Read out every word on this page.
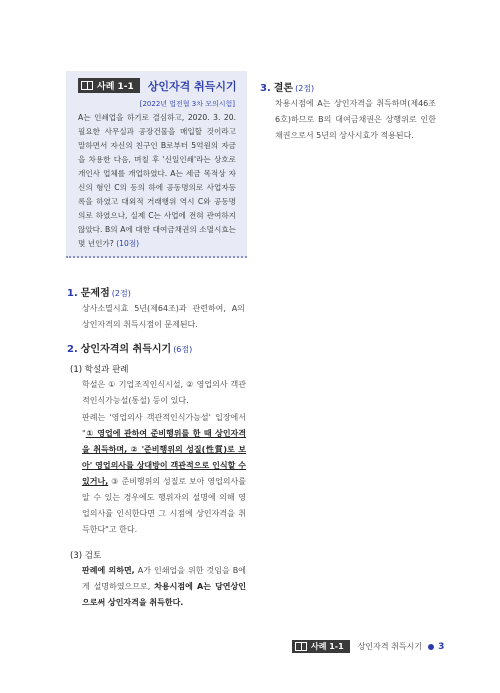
사례 1-1 상인자격 취득시기
[2022년 법전협 3차 모의시험]
A는 인쇄업을 하기로 결심하고, 2020. 3. 20. 필요한 사무실과 공장건물을 매입할 것이라고 말하면서 자신의 친구인 B로부터 5억원의 자금을 차용한 다음, 며칠 후 '신일인쇄'라는 상호로 개인사 업체를 개업하였다. A는 세금 목적상 자신의 형인 C의 동의 하에 공동명의로 사업자등록을 하였고 대외적 거래행위 역시 C와 공동명의로 하였으나, 실제 C는 사업에 전혀 관여하지 않았다. B의 A에 대한 대여금채권의 소멸시효는 몇 년인가? (10점)
1. 문제점 (2점)
상사소멸시효 5년(제64조)과 관련하여, A의 상인자격의 취득시점이 문제된다.
2. 상인자격의 취득시기 (6점)
(1) 학설과 판례
학설은 ① 기업조직인식시설, ② 영업의사 객관적인식가능설(통설) 등이 있다.
판례는 '영업의사 객관적인식가능설' 입장에서 "① 영업에 관하여 준비행위를 한 때 상인자격을 취득하며, ② '준비행위의 성질(性質)로 보아' 영업의사를 상대방이 객관적으로 인식할 수 있거나, ③ 준비행위의 성질로 보아 영업의사를 알 수 있는 경우에도 행위자의 설명에 의해 영업의사를 인식한다면 그 시점에 상인자격을 취득한다"고 한다.
(3) 검토
판례에 의하면, A가 인쇄업을 위한 것임을 B에게 설명하였으므로, 차용시점에 A는 당연상인으로써 상인자격을 취득한다.
3. 결론 (2점)
차용시점에 A는 상인자격을 취득하며(제46조 6호)하므로 B의 대여금채권은 상행위로 인한 채권으로서 5년의 상사시효가 적용된다.
사례 1-1 상인자격 취득시기 3
